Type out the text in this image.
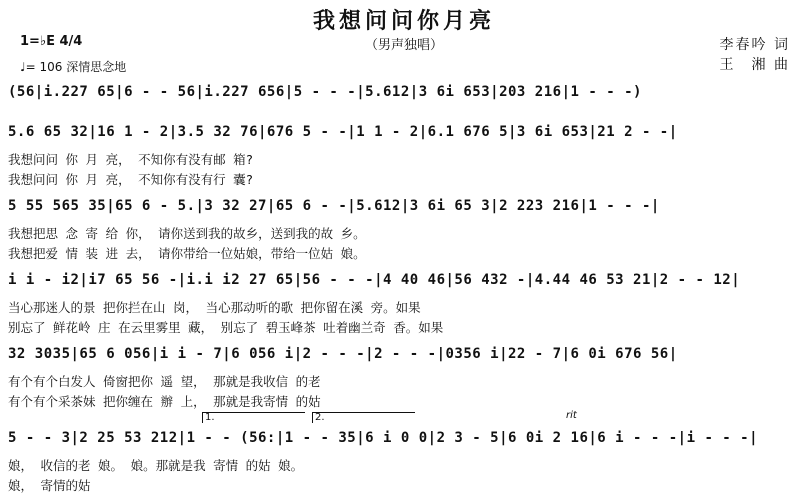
我想问问你月亮
（男声独唱）
1=♭E 4/4
♩= 106 深情思念地
李春吟 词
王　湘 曲
(56|i.227 65|6 - - 56|i.227 656|5 - - -|5.612|3 6i 653|203 216|1 - - -)
5.6 65 32|16 1 - 2|3.5 32 76|676 5 - -|1 1 - 2|6.1 676 5|3 6i 653|21 2 - -|
我想问问 你 月 亮， 不知你有没有邮 箱?
我想问问 你 月 亮， 不知你有没有行 囊?
5 55 565 35|65 6 - 5.|3 32 27|65 6 - -|5.612|3 6i 65 3|2 223 216|1 - - -|
我想把思 念 寄 给 你， 请你送到我的故乡，送到我的故 乡。
我想把爱 情 装 进 去， 请你带给一位姑娘，带给一位姑 娘。
i i - i2|i7 65 56 -|i.i i2 27 65|56 - - -|4 40 46|56 432 -|4.44 46 53 21|2 - - 12|
当心那迷人的景 把你拦在山 岗， 当心那动听的歌 把你留在溪 旁。如果
别忘了 鲜花岭 庄 在云里雾里 藏， 别忘了 碧玉峰茶 吐着幽兰奇 香。如果
32 3035|65 6 056|i i - 7|6 056 i|2 - - -|2 - - -|0356 i|22 - 7|6 0i 676 56|
有个有个白发人 倚窗把你 遥 望， 那就是我收信 的老
有个有个采茶妹 把你缠在 辦 上， 那就是我寄情 的姑
1.	2.	rit
5 - - 3|2 25 53 212|1 - - (56:|1 - - 35|6 i 0 0|2 3 - 5|6 0i 2 16|6 i - - -|i - - -|
娘， 收信的老 娘。 娘。那就是我 寄情 的姑 娘。
娘， 寄情的姑
